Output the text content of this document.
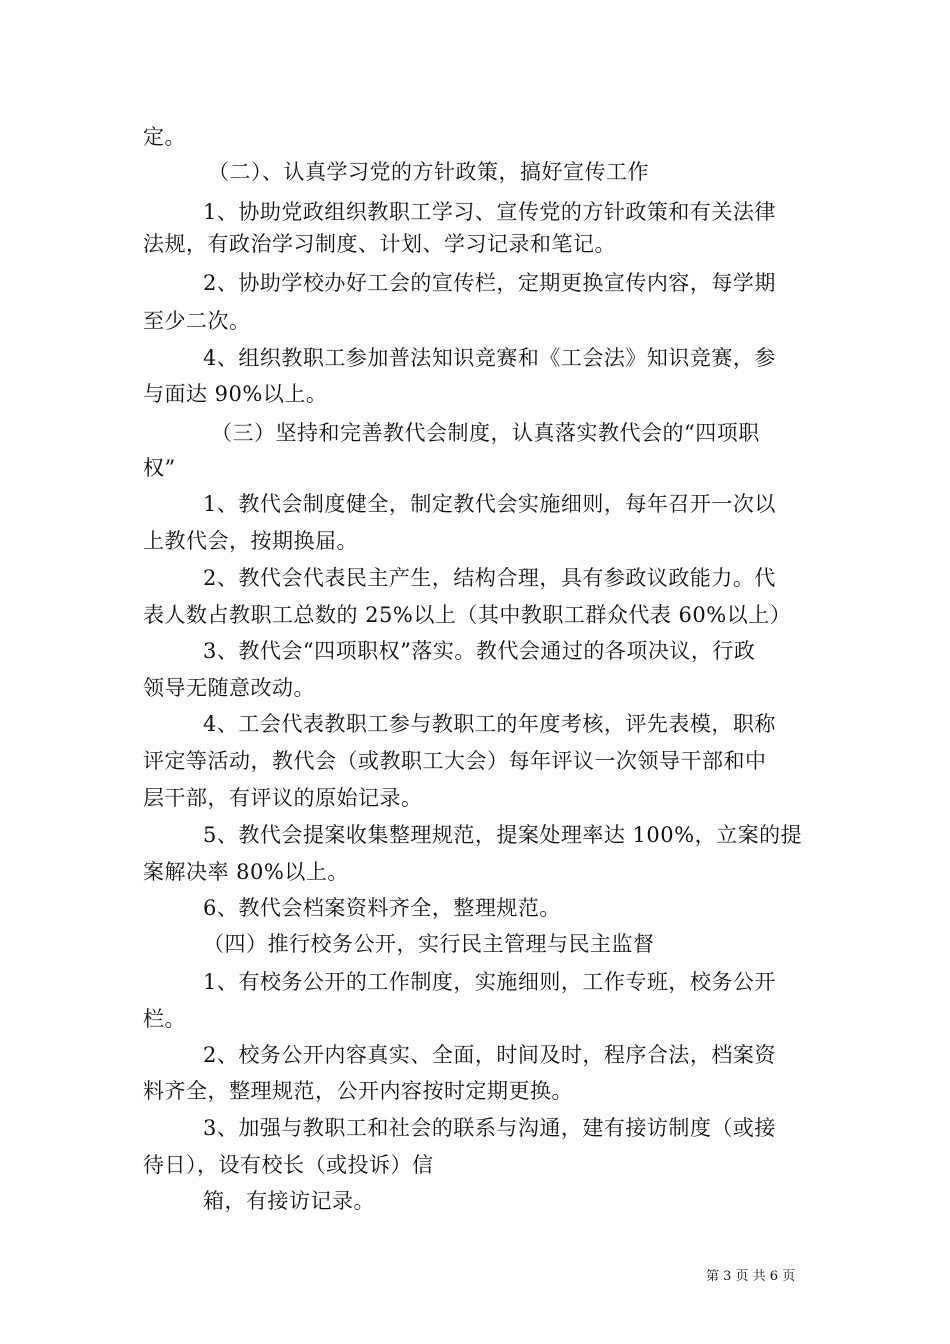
定。
（二）、认真学习党的方针政策，搞好宣传工作
1、协助党政组织教职工学习、宣传党的方针政策和有关法律
法规，有政治学习制度、计划、学习记录和笔记。
2、协助学校办好工会的宣传栏，定期更换宣传内容，每学期
至少二次。
4、组织教职工参加普法知识竞赛和《工会法》知识竞赛，参
与面达 90%以上。
（三）坚持和完善教代会制度，认真落实教代会的“四项职
权”
1、教代会制度健全，制定教代会实施细则，每年召开一次以
上教代会，按期换届。
2、教代会代表民主产生，结构合理，具有参政议政能力。代
表人数占教职工总数的 25%以上（其中教职工群众代表 60%以上）
3、教代会“四项职权”落实。教代会通过的各项决议，行政
领导无随意改动。
4、工会代表教职工参与教职工的年度考核，评先表模，职称
评定等活动，教代会（或教职工大会）每年评议一次领导干部和中
层干部，有评议的原始记录。
5、教代会提案收集整理规范，提案处理率达 100%，立案的提
案解决率 80%以上。
6、教代会档案资料齐全，整理规范。
（四）推行校务公开，实行民主管理与民主监督
1、有校务公开的工作制度，实施细则，工作专班，校务公开
栏。
2、校务公开内容真实、全面，时间及时，程序合法，档案资
料齐全，整理规范，公开内容按时定期更换。
3、加强与教职工和社会的联系与沟通，建有接访制度（或接
待日），设有校长（或投诉）信
箱，有接访记录。
第 3 页 共 6 页
